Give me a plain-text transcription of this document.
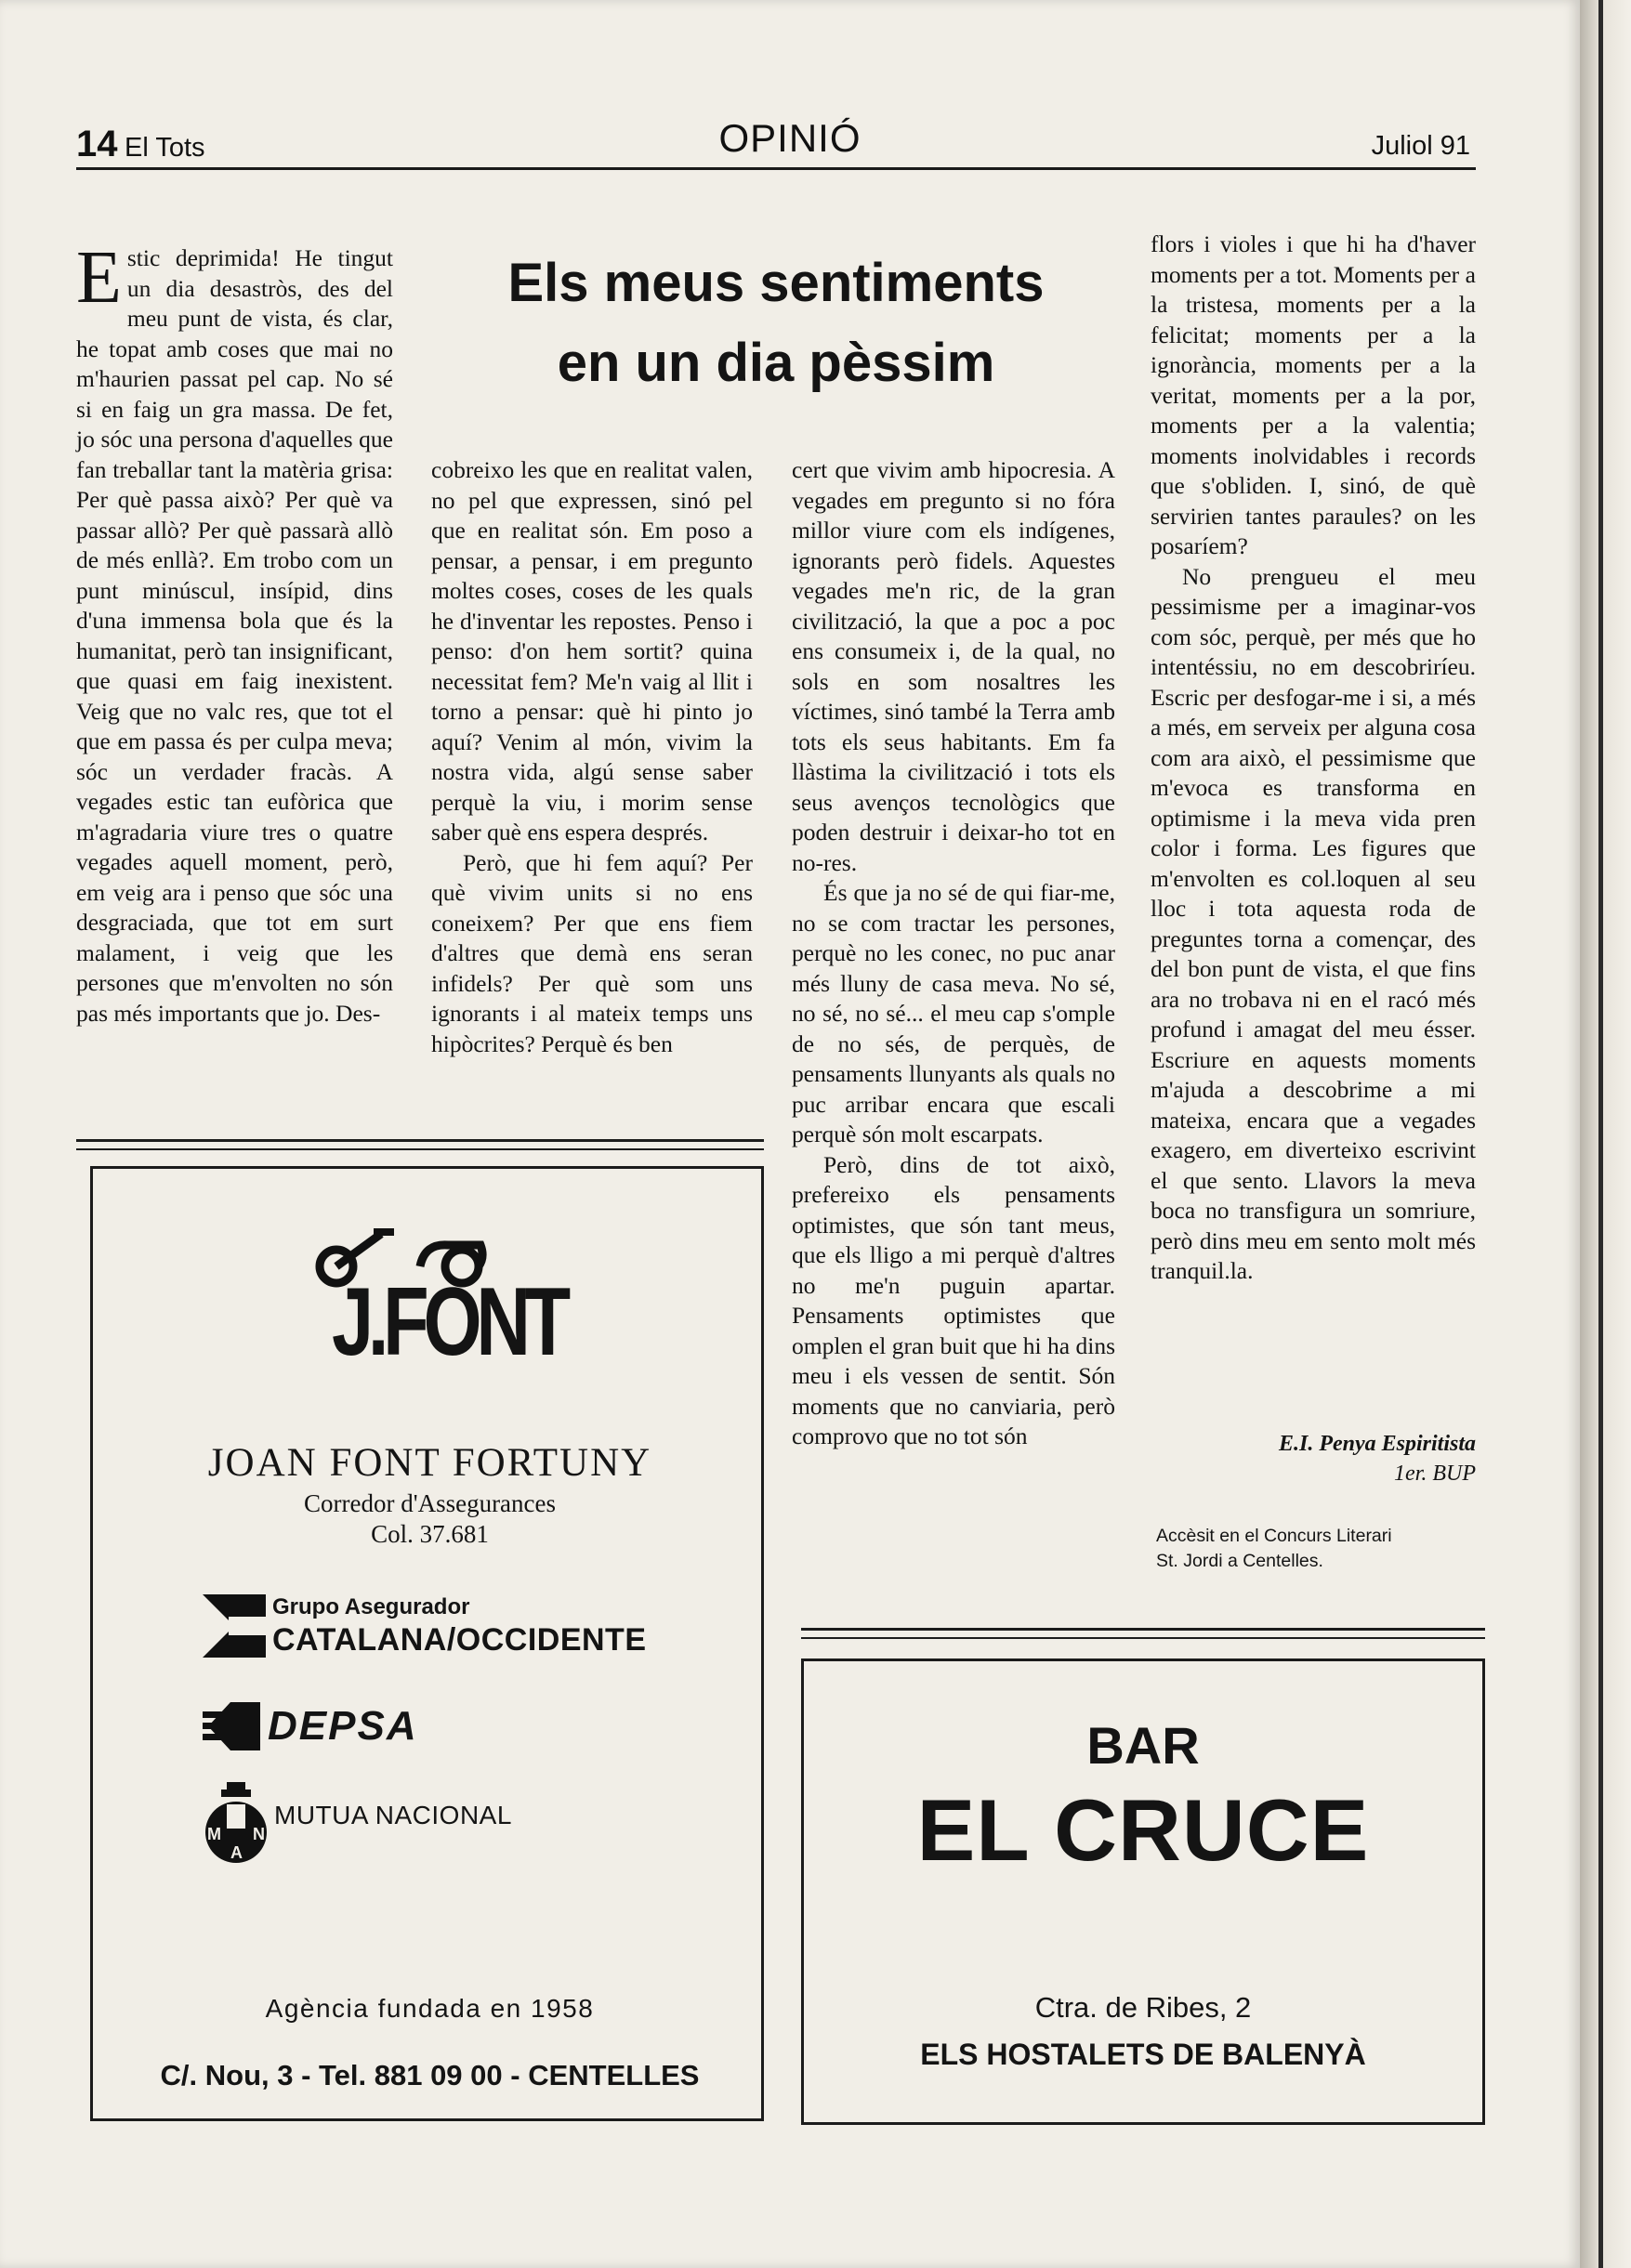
14 El Tots	OPINIÓ	Juliol 91

Estic deprimida! He tingut un dia desastròs, des del meu punt de vista, és clar, he topat amb coses que mai no m'haurien passat pel cap. No sé si en faig un gra massa. De fet, jo sóc una persona d'aquelles que fan treballar tant la matèria grisa: Per què passa això? Per què va passar allò? Per què passarà allò de més enllà?. Em trobo com un punt minúscul, insípid, dins d'una immensa bola que és la humanitat, però tan insignificant, que quasi em faig inexistent. Veig que no valc res, que tot el que em passa és per culpa meva; sóc un verdader fracàs. A vegades estic tan eufòrica que m'agradaria viure tres o quatre vegades aquell moment, però, em veig ara i penso que sóc una desgraciada, que tot em surt malament, i veig que les persones que m'envolten no són pas més importants que jo. Des-

Els meus sentiments
en un dia pèssim

cobreixo les que en realitat valen, no pel que expressen, sinó pel que en realitat són. Em poso a pensar, a pensar, i em pregunto moltes coses, coses de les quals he d'inventar les repostes. Penso i penso: d'on hem sortit? quina necessitat fem? Me'n vaig al llit i torno a pensar: què hi pinto jo aquí? Venim al món, vivim la nostra vida, algú sense saber perquè la viu, i morim sense saber què ens espera després.

Però, que hi fem aquí? Per què vivim units si no ens coneixem? Per que ens fiem d'altres que demà ens seran infidels? Per què som uns ignorants i al mateix temps uns hipòcrites? Perquè és ben

cert que vivim amb hipocresia. A vegades em pregunto si no fóra millor viure com els indígenes, ignorants però fidels. Aquestes vegades me'n ric, de la gran civilització, la que a poc a poc ens consumeix i, de la qual, no sols en som nosaltres les víctimes, sinó també la Terra amb tots els seus habitants. Em fa llàstima la civilització i tots els seus avenços tecnològics que poden destruir i deixar-ho tot en no-res.

És que ja no sé de qui fiar-me, no se com tractar les persones, perquè no les conec, no puc anar més lluny de casa meva. No sé, no sé, no sé... el meu cap s'omple de no sés, de perquès, de pensaments llunyants als quals no puc arribar encara que escali perquè són molt escarpats.

Però, dins de tot això, prefereixo els pensaments optimistes, que són tant meus, que els lligo a mi perquè d'altres no me'n puguin apartar. Pensaments optimistes que omplen el gran buit que hi ha dins meu i els vessen de sentit. Són moments que no canviaria, però comprovo que no tot són

flors i violes i que hi ha d'haver moments per a tot. Moments per a la tristesa, moments per a la felicitat; moments per a la ignorància, moments per a la veritat, moments per a la por, moments per a la valentia; moments inolvidables i records que s'obliden. I, sinó, de què servirien tantes paraules? on les posaríem?

No prengueu el meu pessimisme per a imaginar-vos com sóc, perquè, per més que ho intentéssiu, no em descobriríeu. Escric per desfogar-me i si, a més a més, em serveix per alguna cosa com ara això, el pessimisme que m'evoca es transforma en optimisme i la meva vida pren color i forma. Les figures que m'envolten es col.loquen al seu lloc i tota aquesta roda de preguntes torna a començar, des del bon punt de vista, el que fins ara no trobava ni en el racó més profund i amagat del meu ésser. Escriure en aquests moments m'ajuda a descobrime a mi mateixa, encara que a vegades exagero, em diverteixo escrivint el que sento. Llavors la meva boca no transfigura un somriure, però dins meu em sento molt més tranquil.la.

E.I. Penya Espiritista
1er. BUP
Accèsit en el Concurs Literari
St. Jordi a Centelles.
J.FONT
JOAN FONT FORTUNY
Corredor d'Assegurances
Col. 37.681
Grupo Asegurador
CATALANA/OCCIDENTE
DEPSA
M N
A
MUTUA NACIONAL
Agència fundada en 1958
C/. Nou, 3 - Tel. 881 09 00 - CENTELLES
BAR
EL CRUCE
Ctra. de Ribes, 2
ELS HOSTALETS DE BALENYÀ
